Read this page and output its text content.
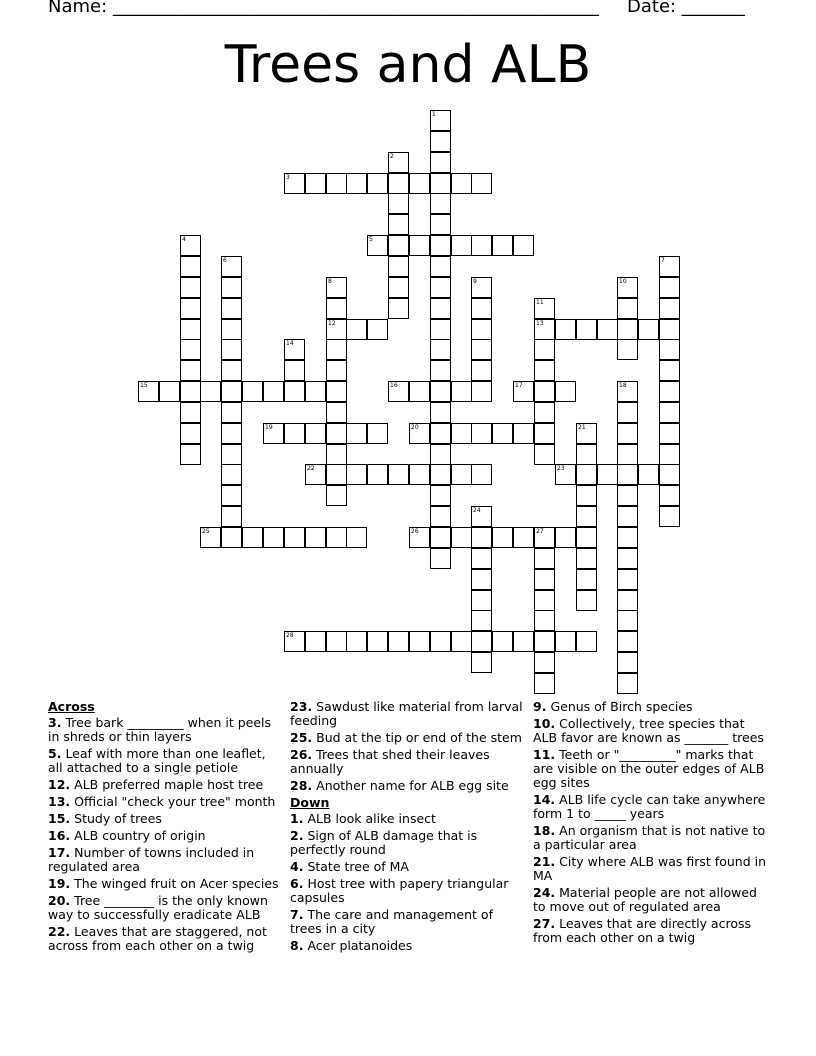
Name: ______________________________________________________ Date: _______
Trees and ALB
3
5
12	13
15	16	17
19	20
22	23
25	26	27
28
1
2
4
6	7
8	9	10
11
14
18
21
24
Across
3. Tree bark _________ when it peels in shreds or thin layers
5. Leaf with more than one leaflet, all attached to a single petiole
12. ALB preferred maple host tree
13. Official "check your tree" month
15. Study of trees
16. ALB country of origin
17. Number of towns included in regulated area
19. The winged fruit on Acer species
20. Tree ________ is the only known way to successfully eradicate ALB
22. Leaves that are staggered, not across from each other on a twig
23. Sawdust like material from larval feeding
25. Bud at the tip or end of the stem
26. Trees that shed their leaves annually
28. Another name for ALB egg site
Down
1. ALB look alike insect
2. Sign of ALB damage that is perfectly round
4. State tree of MA
6. Host tree with papery triangular capsules
7. The care and management of trees in a city
8. Acer platanoides
9. Genus of Birch species
10. Collectively, tree species that ALB favor are known as _______ trees
11. Teeth or "_________" marks that are visible on the outer edges of ALB egg sites
14. ALB life cycle can take anywhere form 1 to _____ years
18. An organism that is not native to a particular area
21. City where ALB was first found in MA
24. Material people are not allowed to move out of regulated area
27. Leaves that are directly across from each other on a twig
